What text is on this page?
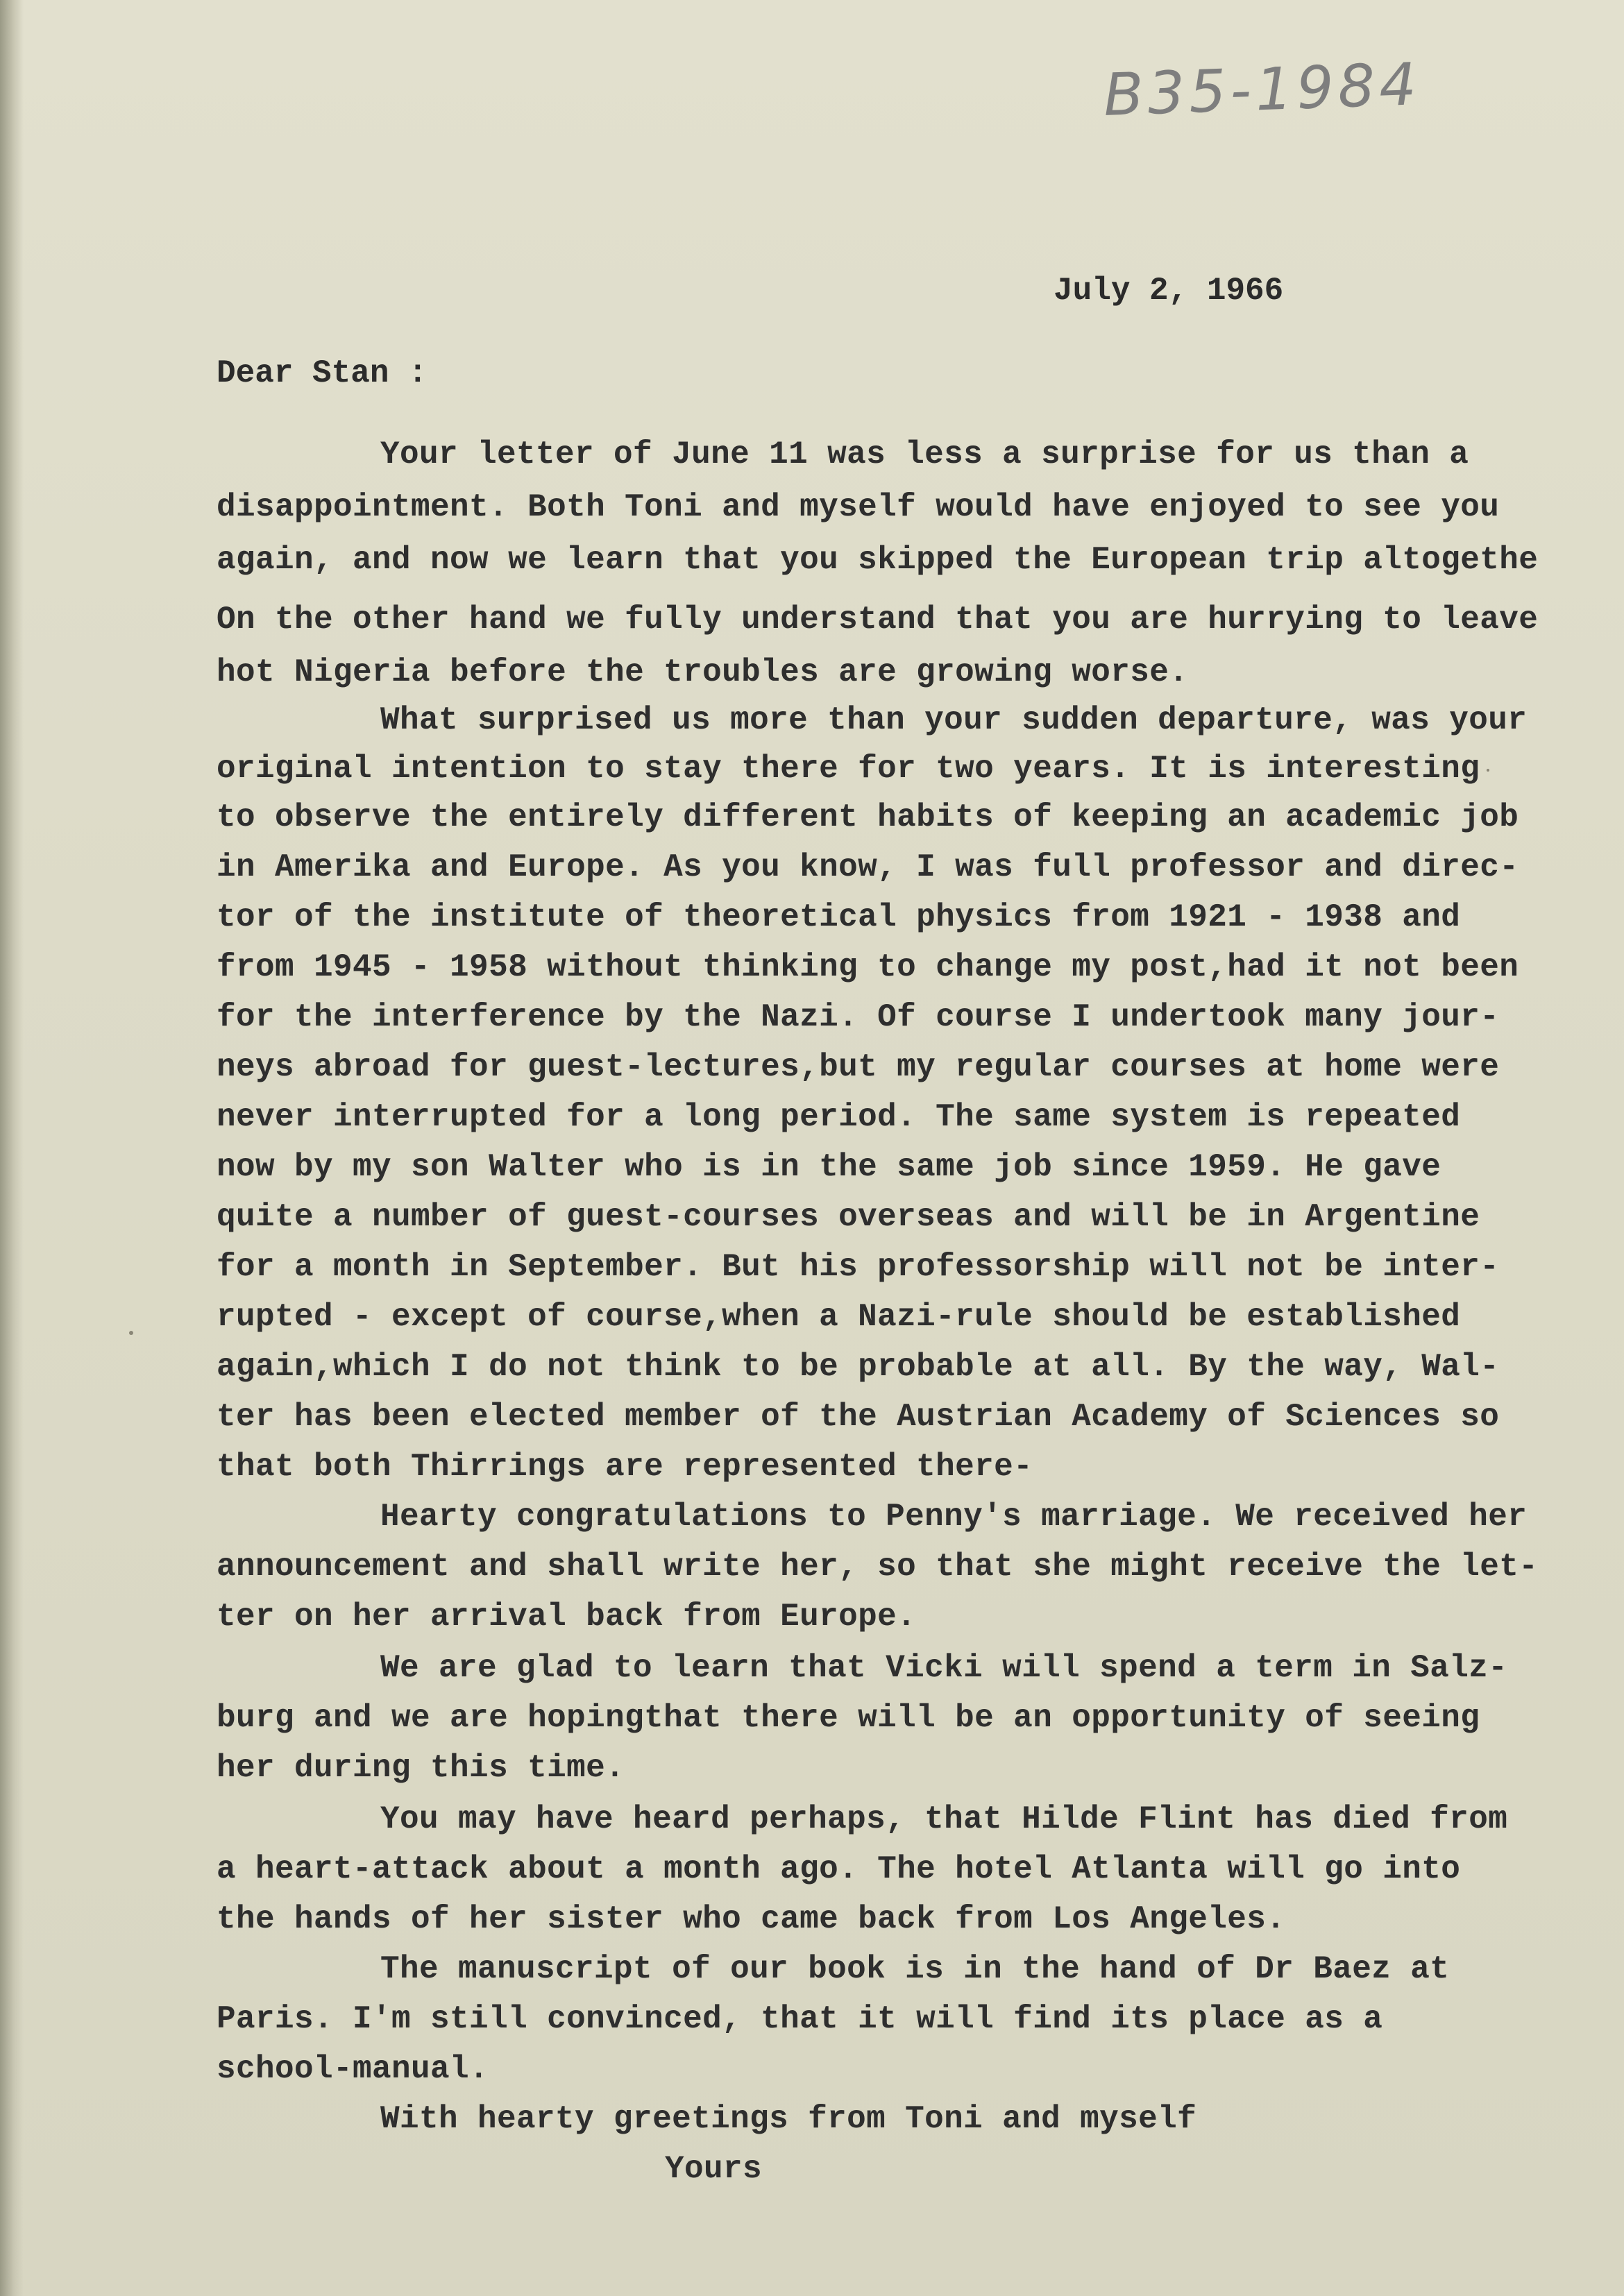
B35-1984
July 2, 1966
Dear Stan :
Your letter of June 11 was less a surprise for us than a
disappointment. Both Toni and myself would have enjoyed to see you
again, and now we learn that you skipped the European trip altogethe
On the other hand we fully understand that you are hurrying to leave
hot Nigeria before the troubles are growing worse.
What surprised us more than your sudden departure, was your
original intention to stay there for two years. It is interesting
to observe the entirely different habits of keeping an academic job
in Amerika and Europe. As you know, I was full professor and direc-
tor of the institute of theoretical physics from 1921 - 1938 and
from 1945 - 1958 without thinking to change my post,had it not been
for the interference by the Nazi. Of course I undertook many jour-
neys abroad for guest-lectures,but my regular courses at home were
never interrupted for a long period. The same system is repeated
now by my son Walter who is in the same job since 1959. He gave
quite a number of guest-courses overseas and will be in Argentine
for a month in September. But his professorship will not be inter-
rupted - except of course,when a Nazi-rule should be established
again,which I do not think to be probable at all. By the way, Wal-
ter has been elected member of the Austrian Academy of Sciences so
that both Thirrings are represented there-
Hearty congratulations to Penny's marriage. We received her
announcement and shall write her, so that she might receive the let-
ter on her arrival back from Europe.
We are glad to learn that Vicki will spend a term in Salz-
burg and we are hopingthat there will be an opportunity of seeing
her during this time.
You may have heard perhaps, that Hilde Flint has died from
a heart-attack about a month ago. The hotel Atlanta will go into
the hands of her sister who came back from Los Angeles.
The manuscript of our book is in the hand of Dr Baez at
Paris. I'm still convinced, that it will find its place as a
school-manual.
With hearty greetings from Toni and myself
Yours
